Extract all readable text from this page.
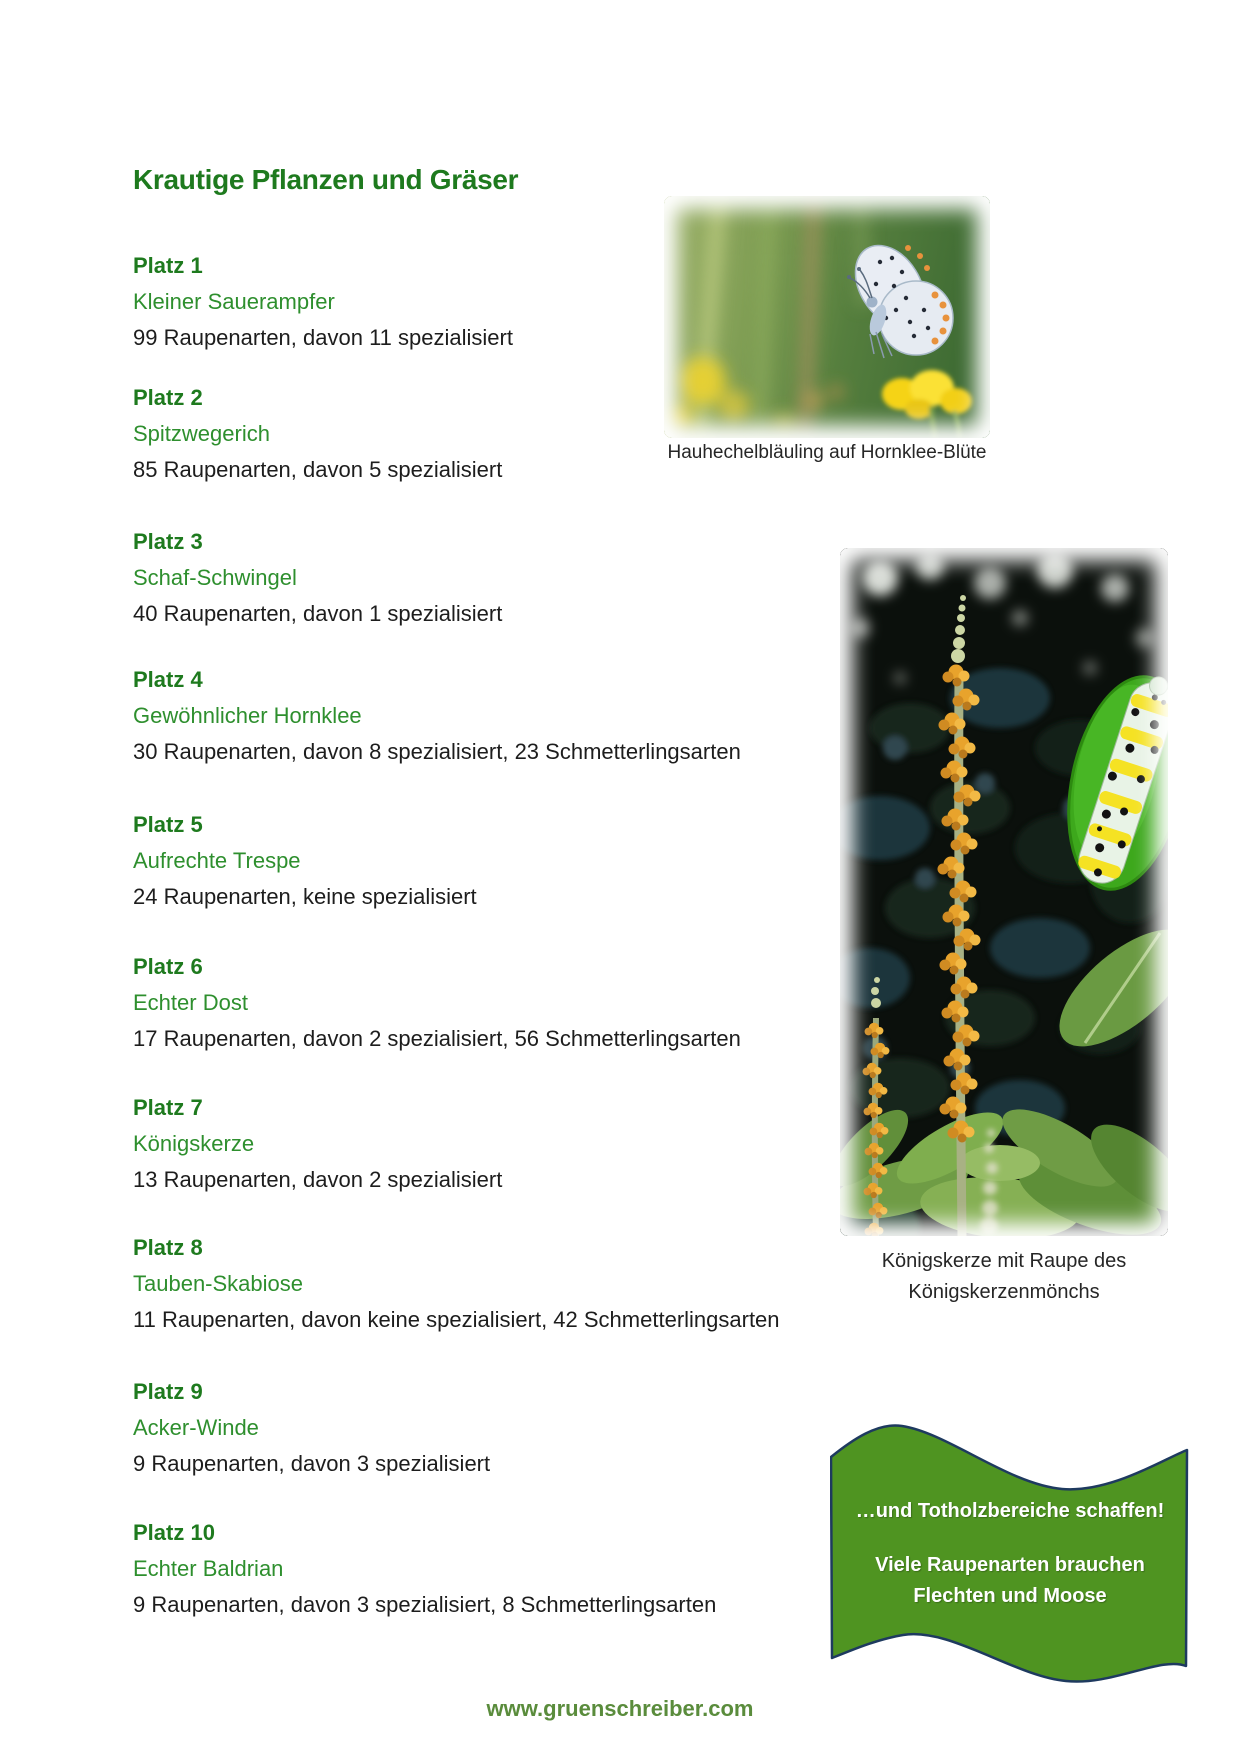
Krautige Pflanzen und Gräser
Platz 1
Kleiner Sauerampfer
99 Raupenarten, davon 11 spezialisiert
Platz 2
Spitzwegerich
85 Raupenarten, davon 5 spezialisiert
Platz 3
Schaf-Schwingel
40 Raupenarten, davon 1 spezialisiert
Platz 4
Gewöhnlicher Hornklee
30 Raupenarten, davon 8 spezialisiert, 23 Schmetterlingsarten
Platz 5
Aufrechte Trespe
24 Raupenarten, keine spezialisiert
Platz 6
Echter Dost
17 Raupenarten, davon 2 spezialisiert, 56 Schmetterlingsarten
Platz 7
Königskerze
13 Raupenarten, davon 2 spezialisiert
Platz 8
Tauben-Skabiose
11 Raupenarten, davon keine spezialisiert, 42 Schmetterlingsarten
Platz 9
Acker-Winde
9 Raupenarten, davon 3 spezialisiert
Platz 10
Echter Baldrian
9 Raupenarten, davon 3 spezialisiert, 8 Schmetterlingsarten
Hauhechelbläuling auf Hornklee-Blüte
Königskerze mit Raupe des
Königskerzenmönchs
…und Totholzbereiche schaffen!
Viele Raupenarten brauchen
Flechten und Moose
www.gruenschreiber.com
